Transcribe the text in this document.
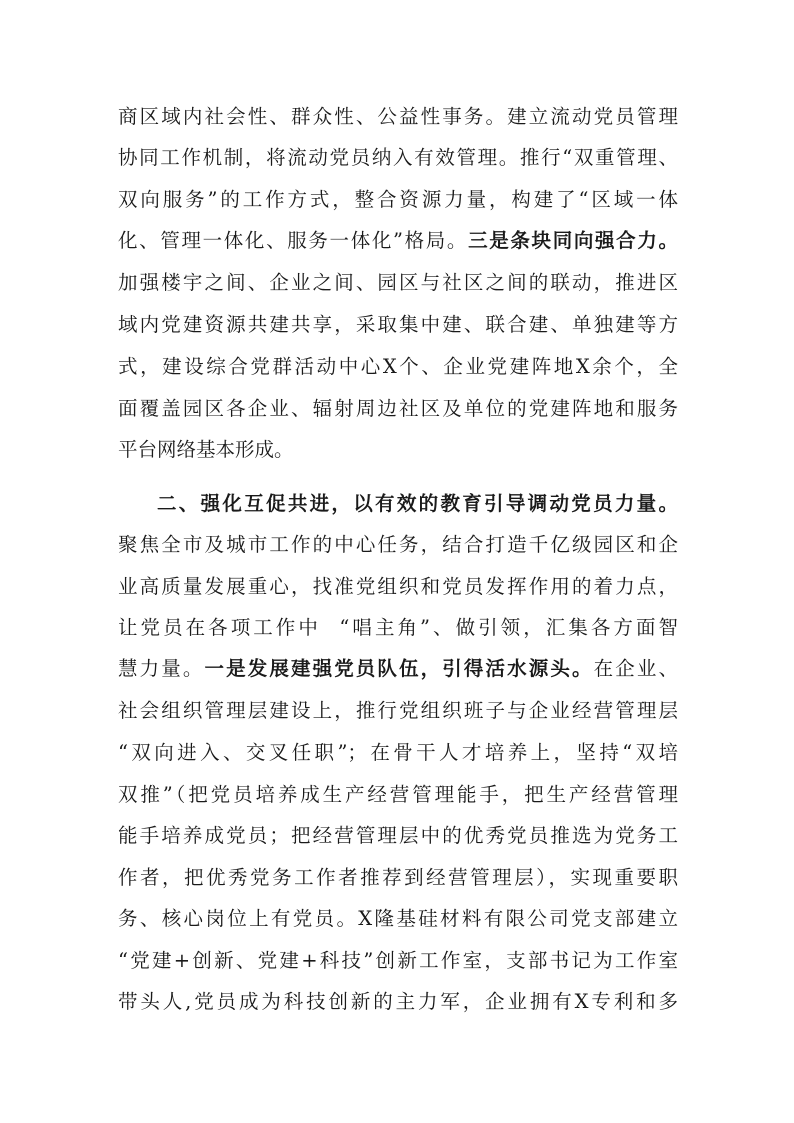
商区域内社会性、群众性、公益性事务。建立流动党员管理
协同工作机制，将流动党员纳入有效管理。推行“双重管理、
双向服务”的工作方式，整合资源力量，构建了“区域一体
化、管理一体化、服务一体化”格局。三是条块同向强合力。
加强楼宇之间、企业之间、园区与社区之间的联动，推进区
域内党建资源共建共享，采取集中建、联合建、单独建等方
式，建设综合党群活动中心X个、企业党建阵地X余个，全
面覆盖园区各企业、辐射周边社区及单位的党建阵地和服务
平台网络基本形成。
二、强化互促共进，以有效的教育引导调动党员力量。
聚焦全市及城市工作的中心任务，结合打造千亿级园区和企
业高质量发展重心，找准党组织和党员发挥作用的着力点，
让党员在各项工作中  “唱主角”、做引领，汇集各方面智
慧力量。一是发展建强党员队伍，引得活水源头。在企业、
社会组织管理层建设上，推行党组织班子与企业经营管理层
“双向进入、交叉任职”；在骨干人才培养上，坚持“双培
双推”（把党员培养成生产经营管理能手，把生产经营管理
能手培养成党员；把经营管理层中的优秀党员推选为党务工
作者，把优秀党务工作者推荐到经营管理层），实现重要职
务、核心岗位上有党员。X隆基硅材料有限公司党支部建立
“党建+创新、党建+科技”创新工作室，支部书记为工作室
带头人,党员成为科技创新的主力军，企业拥有X专利和多
